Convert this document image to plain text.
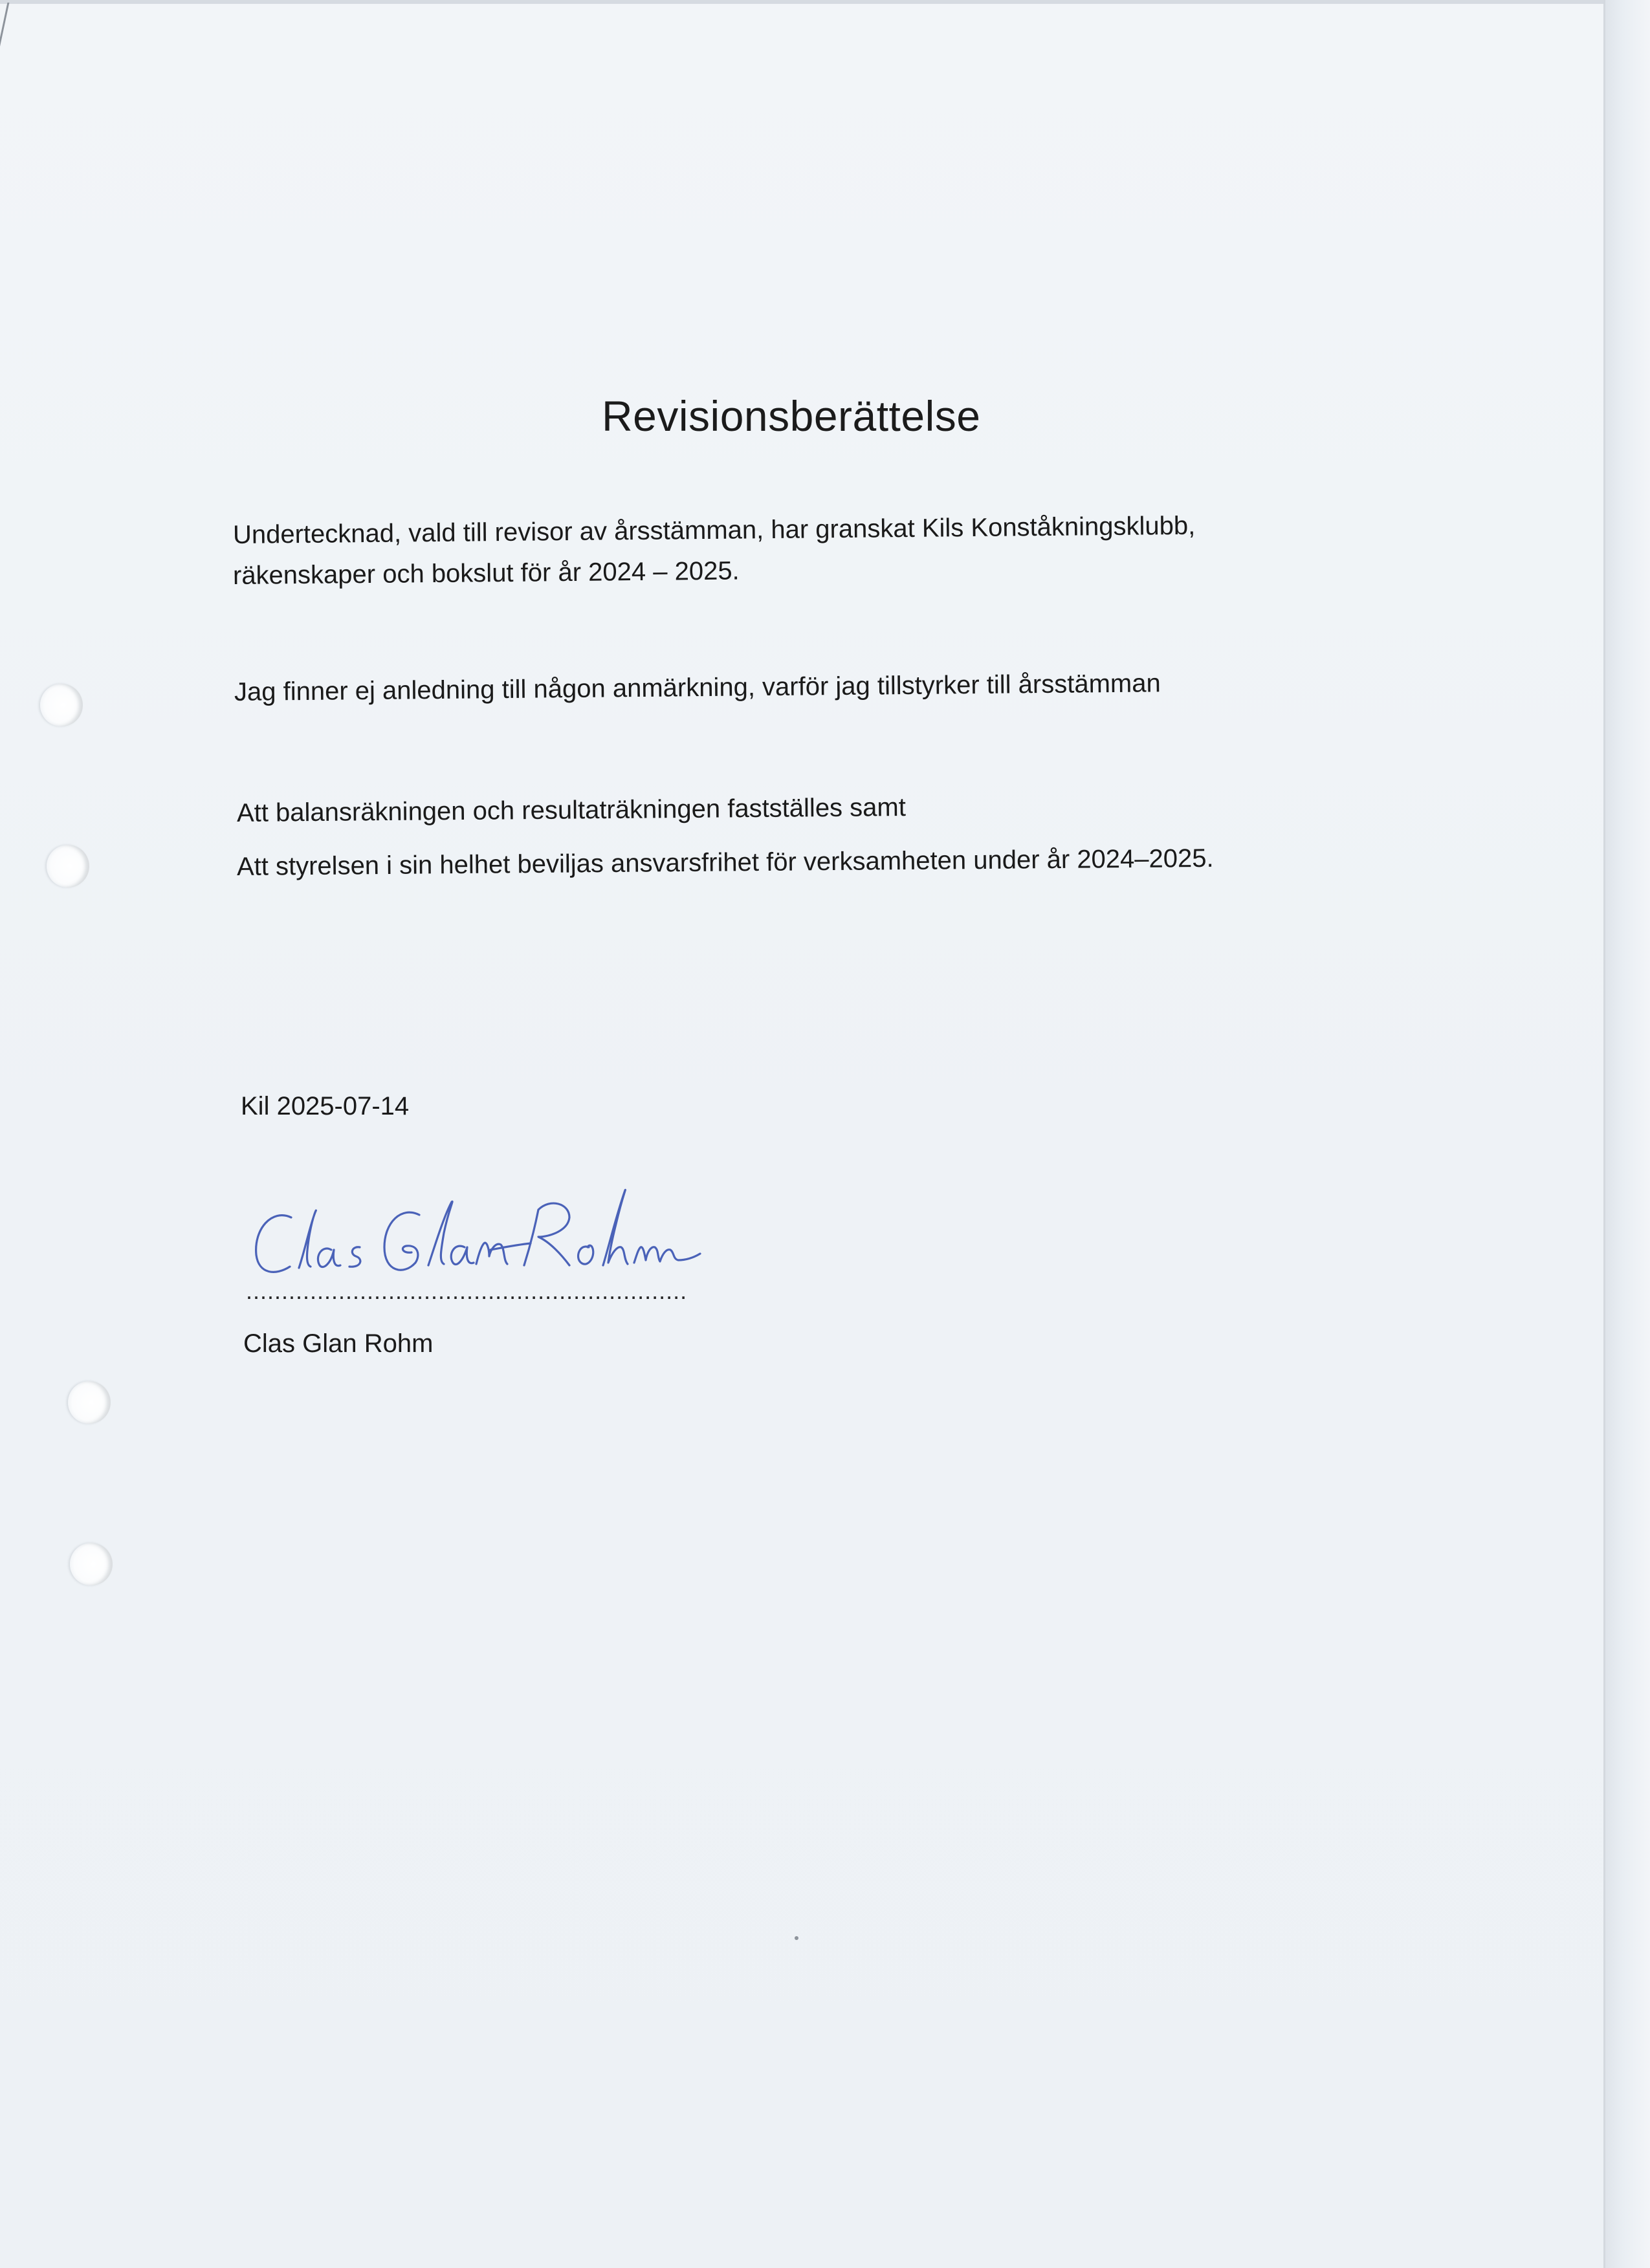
Revisionsberättelse
Undertecknad, vald till revisor av årsstämman, har granskat Kils Konståkningsklubb,
räkenskaper och bokslut för år 2024 – 2025.
Jag finner ej anledning till någon anmärkning, varför jag tillstyrker till årsstämman
Att balansräkningen och resultaträkningen fastställes samt
Att styrelsen i sin helhet beviljas ansvarsfrihet för verksamheten under år 2024–2025.
Kil 2025-07-14
..............................................................
Clas Glan Rohm
